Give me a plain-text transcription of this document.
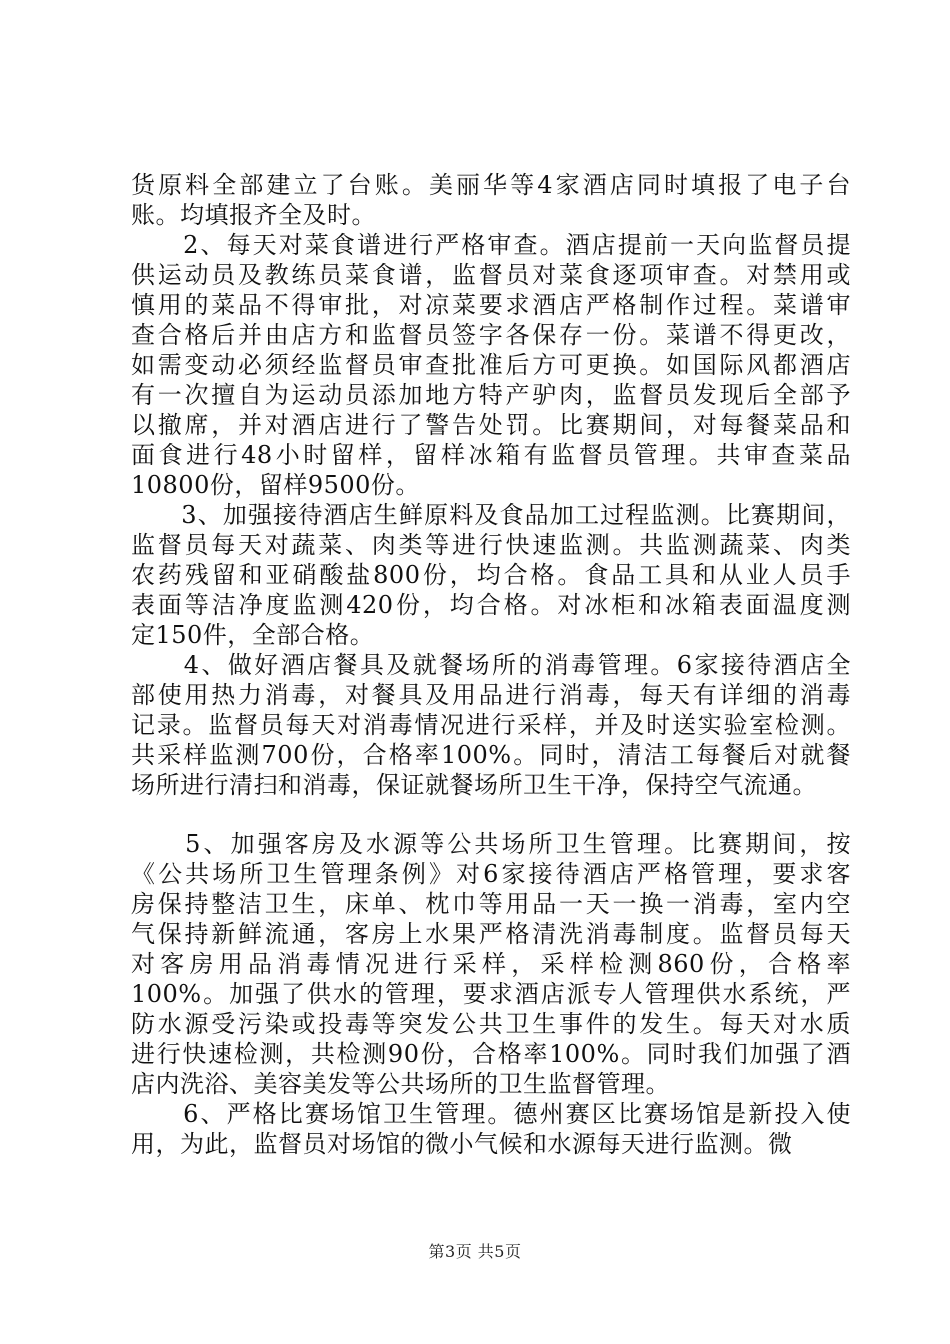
货原料全部建立了台账。美丽华等4家酒店同时填报了电子台
账。均填报齐全及时。
　　2、每天对菜食谱进行严格审查。酒店提前一天向监督员提
供运动员及教练员菜食谱，监督员对菜食逐项审查。对禁用或
慎用的菜品不得审批，对凉菜要求酒店严格制作过程。菜谱审
查合格后并由店方和监督员签字各保存一份。菜谱不得更改，
如需变动必须经监督员审查批准后方可更换。如国际风都酒店
有一次擅自为运动员添加地方特产驴肉，监督员发现后全部予
以撤席，并对酒店进行了警告处罚。比赛期间，对每餐菜品和
面食进行48小时留样，留样冰箱有监督员管理。共审查菜品
10800份，留样9500份。
　　3、加强接待酒店生鲜原料及食品加工过程监测。比赛期间，
监督员每天对蔬菜、肉类等进行快速监测。共监测蔬菜、肉类
农药残留和亚硝酸盐800份，均合格。食品工具和从业人员手
表面等洁净度监测420份，均合格。对冰柜和冰箱表面温度测
定150件，全部合格。
　　4、做好酒店餐具及就餐场所的消毒管理。6家接待酒店全
部使用热力消毒，对餐具及用品进行消毒，每天有详细的消毒
记录。监督员每天对消毒情况进行采样，并及时送实验室检测。
共采样监测700份，合格率100%。同时，清洁工每餐后对就餐
场所进行清扫和消毒，保证就餐场所卫生干净，保持空气流通。
　　5、加强客房及水源等公共场所卫生管理。比赛期间，按
《公共场所卫生管理条例》对6家接待酒店严格管理，要求客
房保持整洁卫生，床单、枕巾等用品一天一换一消毒，室内空
气保持新鲜流通，客房上水果严格清洗消毒制度。监督员每天
对客房用品消毒情况进行采样，采样检测860份，合格率
100%。加强了供水的管理，要求酒店派专人管理供水系统，严
防水源受污染或投毒等突发公共卫生事件的发生。每天对水质
进行快速检测，共检测90份，合格率100%。同时我们加强了酒
店内洗浴、美容美发等公共场所的卫生监督管理。
　　6、严格比赛场馆卫生管理。德州赛区比赛场馆是新投入使
用，为此，监督员对场馆的微小气候和水源每天进行监测。微
第3页 共5页
